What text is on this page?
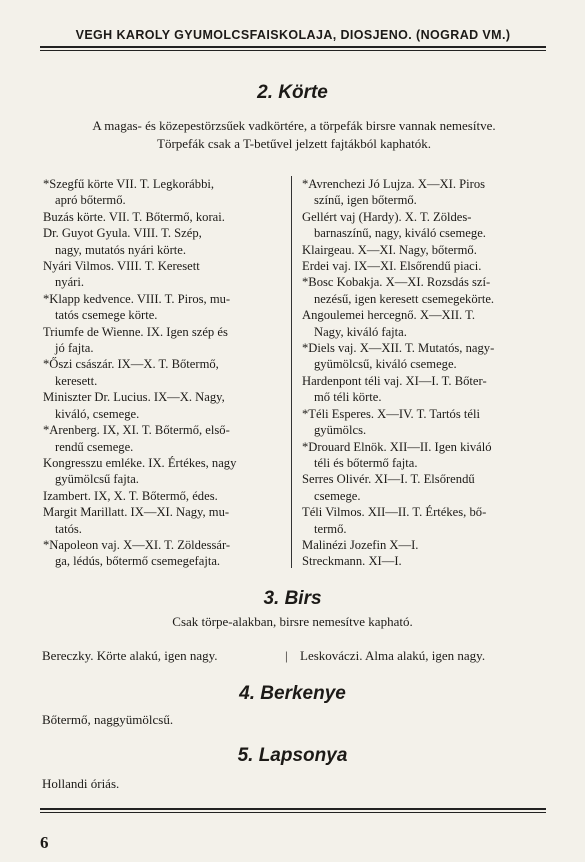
VEGH KAROLY GYUMOLCSFAISKOLAJA, DIOSJENO. (NOGRAD VM.)
2. Körte
A magas- és közepestörzsűek vadkörtére, a törpefák birsre vannak nemesítve.
Törpefák csak a T-betűvel jelzett fajtákból kaphatók.
*Szegfű körte VII. T. Legkorábbi,
apró bőtermő.
Buzás körte. VII. T. Bőtermő, korai.
Dr. Guyot Gyula. VIII. T. Szép,
nagy, mutatós nyári körte.
Nyári Vilmos. VIII. T. Keresett
nyári.
*Klapp kedvence. VIII. T. Piros, mu-
tatós csemege körte.
Triumfe de Wienne. IX. Igen szép és
jó fajta.
*Őszi császár. IX—X. T. Bőtermő,
keresett.
Miniszter Dr. Lucius. IX—X. Nagy,
kiváló, csemege.
*Arenberg. IX, XI. T. Bőtermő, első-
rendű csemege.
Kongresszu emléke. IX. Értékes, nagy
gyümölcsű fajta.
Izambert. IX, X. T. Bőtermő, édes.
Margit Marillatt. IX—XI. Nagy, mu-
tatós.
*Napoleon vaj. X—XI. T. Zöldessár-
ga, lédús, bőtermő csemegefajta.
*Avrenchezi Jó Lujza. X—XI. Piros
színű, igen bőtermő.
Gellért vaj (Hardy). X. T. Zöldes-
barnaszínű, nagy, kiváló csemege.
Klairgeau. X—XI. Nagy, bőtermő.
Erdei vaj. IX—XI. Elsőrendű piaci.
*Bosc Kobakja. X—XI. Rozsdás szí-
nezésű, igen keresett csemegekörte.
Angoulemei hercegnő. X—XII. T.
Nagy, kiváló fajta.
*Diels vaj. X—XII. T. Mutatós, nagy-
gyümölcsű, kiváló csemege.
Hardenpont téli vaj. XI—I. T. Bőter-
mő téli körte.
*Téli Esperes. X—IV. T. Tartós téli
gyümölcs.
*Drouard Elnök. XII—II. Igen kiváló
téli és bőtermő fajta.
Serres Olivér. XI—I. T. Elsőrendű
csemege.
Téli Vilmos. XII—II. T. Értékes, bő-
termő.
Malinézi Jozefin X—I.
Streckmann. XI—I.
3. Birs
Csak törpe-alakban, birsre nemesítve kapható.
Bereczky. Körte alakú, igen nagy.	| Leskováczi. Alma alakú, igen nagy.
4. Berkenye
Bőtermő, naggyümölcsű.
5. Lapsonya
Hollandi óriás.
6
